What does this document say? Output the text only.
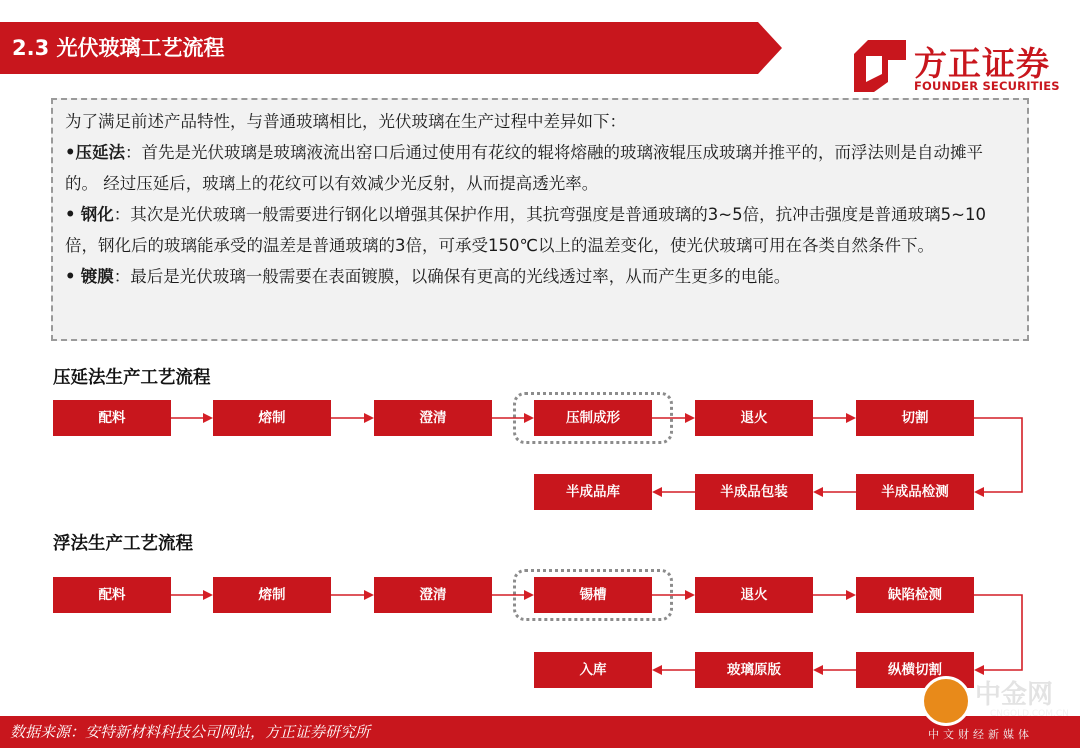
2.3 光伏玻璃工艺流程	方正证券
FOUNDER SECURITIES

为了满足前述产品特性，与普通玻璃相比，光伏玻璃在生产过程中差异如下：

•压延法：首先是光伏玻璃是玻璃液流出窑口后通过使用有花纹的辊将熔融的玻璃液辊压成玻璃并推平的，而浮法则是自动摊平的。 经过压延后，玻璃上的花纹可以有效减少光反射，从而提高透光率。

• 钢化：其次是光伏玻璃一般需要进行钢化以增强其保护作用，其抗弯强度是普通玻璃的3~5倍，抗冲击强度是普通玻璃5~10倍，钢化后的玻璃能承受的温差是普通玻璃的3倍，可承受150℃以上的温差变化，使光伏玻璃可用在各类自然条件下。

• 镀膜：最后是光伏玻璃一般需要在表面镀膜，以确保有更高的光线透过率，从而产生更多的电能。

压延法生产工艺流程
配料	熔制	澄清	压制成形	退火	切割
半成品库	半成品包装	半成品检测
浮法生产工艺流程
配料	熔制	澄清	锡槽	退火	缺陷检测
入库	玻璃原版	纵横切割
数据来源：安特新材料科技公司网站，方正证券研究所
中金网
CNGOLD.COM.CN
中文财经新媒体
